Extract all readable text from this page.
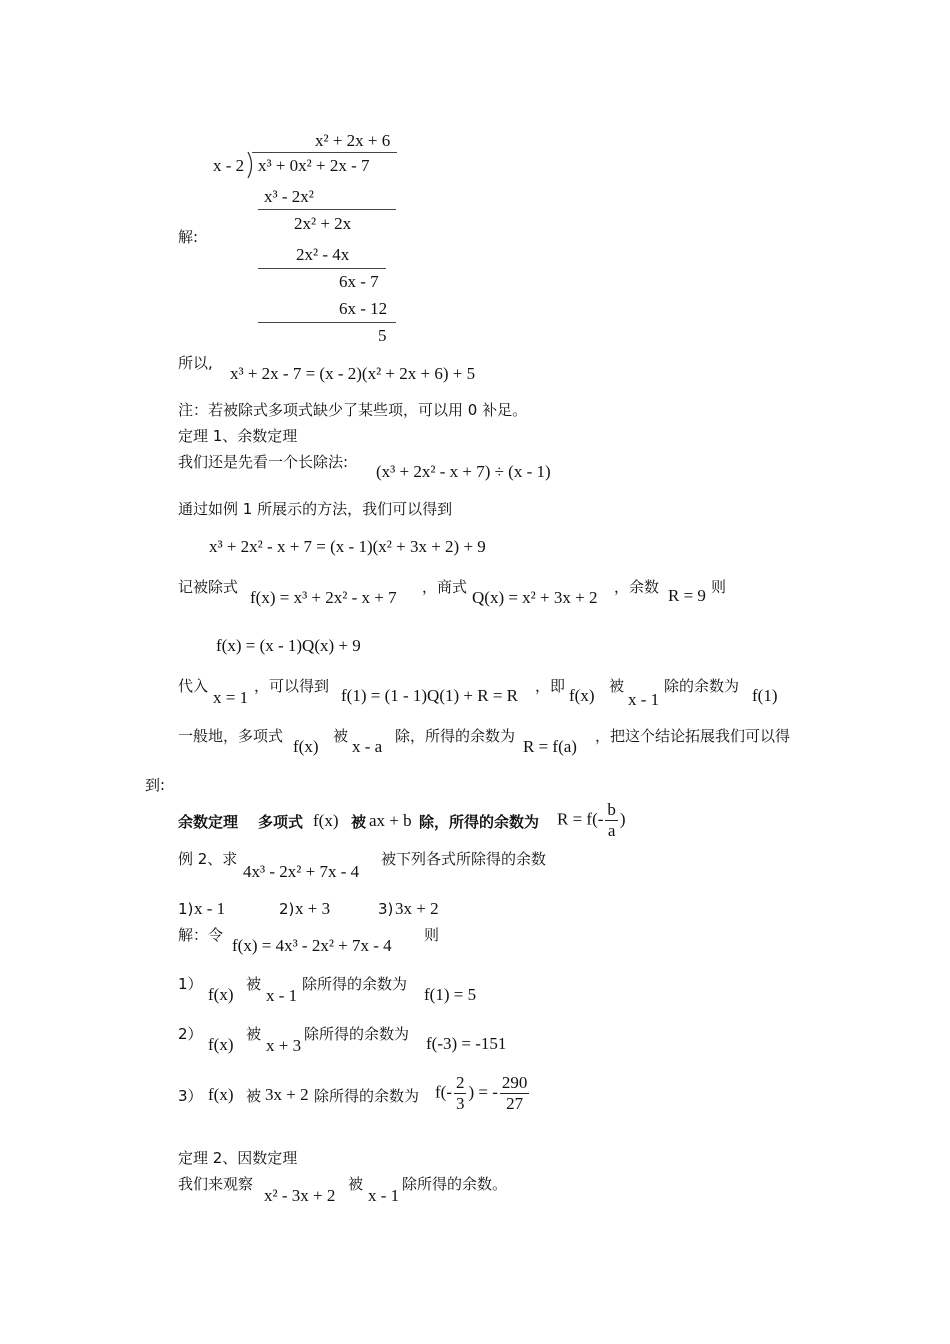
x² + 2x + 6
x - 2 x³ + 0x² + 2x - 7
x³ - 2x²
2x² + 2x
解:
2x² - 4x
6x - 7
6x - 12
5
所以,
x³ + 2x - 7 = (x - 2)(x² + 2x + 6) + 5
注：若被除式多项式缺少了某些项，可以用 0 补足。
定理 1、余数定理
我们还是先看一个长除法: (x³ + 2x² - x + 7) ÷ (x - 1)
通过如例 1 所展示的方法，我们可以得到
x³ + 2x² - x + 7 = (x - 1)(x² + 3x + 2) + 9
记被除式
f(x) = x³ + 2x² - x + 7
，商式
Q(x) = x² + 3x + 2
，余数 R = 9 则
f(x) = (x - 1)Q(x) + 9
代入
x = 1
，可以得到 f(1) = (1 - 1)Q(1) + R = R ，即 f(x) 被
x - 1
除的余数为 f(1)
一般地，多项式
f(x)
被
x - a
除，所得的余数为
R = f(a)
，把这个结论拓展我们可以得
到:
余数定理 多项式 f(x) 被 ax + b 除，所得的余数为 $R = f(- \frac{b}{a}$ )
例 2、求
4x³ - 2x² + 7x - 4
被下列各式所除得的余数
1) x - 1	2) x + 3	3) 3x + 2
解：令
f(x) = 4x³ - 2x² + 7x - 4
则
1）
f(x)
被
x - 1
除所得的余数为
f(1) = 5
2）
f(x)
被
x + 3
除所得的余数为 f(-3) = -151
3） f(x) 被 3x + 2 除所得的余数为 $f(- \frac{2}{3}$ ) = - $\frac{290}{27}$
定理 2、因数定理
我们来观察
x² - 3x + 2
被
x - 1
除所得的余数。
